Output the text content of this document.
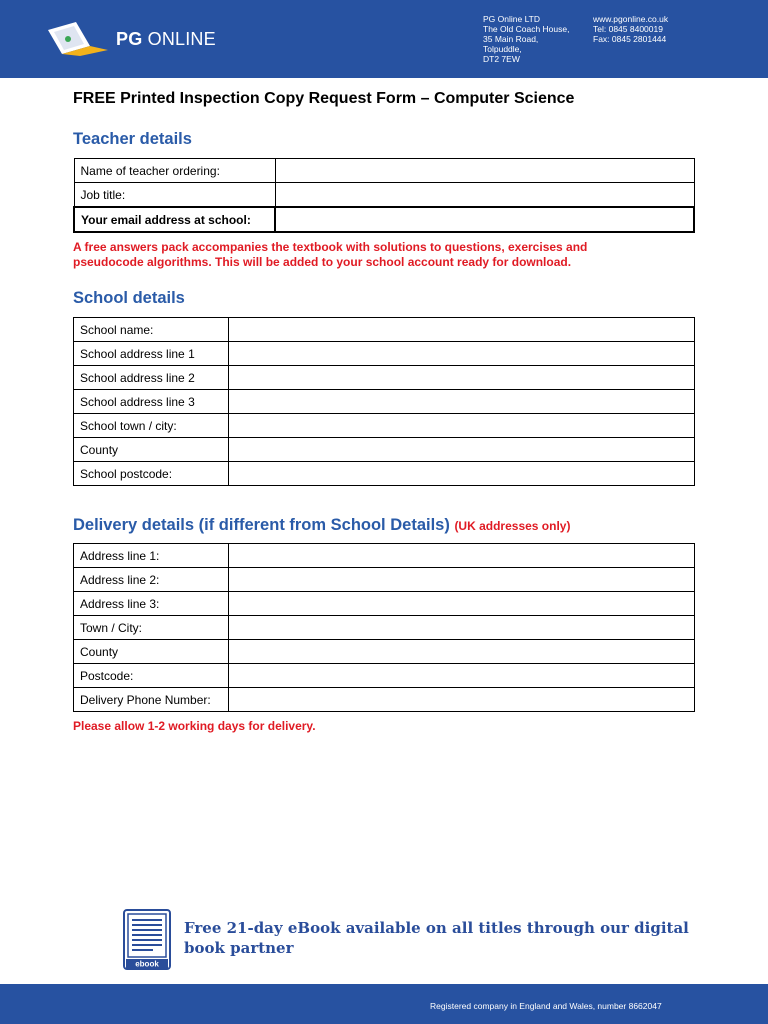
PG ONLINE
PG Online LTD
The Old Coach House,
35 Main Road,
Tolpuddle,
DT2 7EW
www.pgonline.co.uk
Tel: 0845 8400019
Fax: 0845 2801444
FREE Printed Inspection Copy Request Form – Computer Science
Teacher details
Name of teacher ordering:	
Job title:	
Your email address at school:	
A free answers pack accompanies the textbook with solutions to questions, exercises and
pseudocode algorithms. This will be added to your school account ready for download.
School details
School name:	
School address line 1	
School address line 2	
School address line 3	
School town / city:	
County	
School postcode:	
Delivery details (if different from School Details) (UK addresses only)
Address line 1:	
Address line 2:	
Address line 3:	
Town / City:	
County	
Postcode:	
Delivery Phone Number:	
Please allow 1-2 working days for delivery.
ebook
Free 21-day eBook available on all titles through our digital
book partner
Registered company in England and Wales, number 8662047
